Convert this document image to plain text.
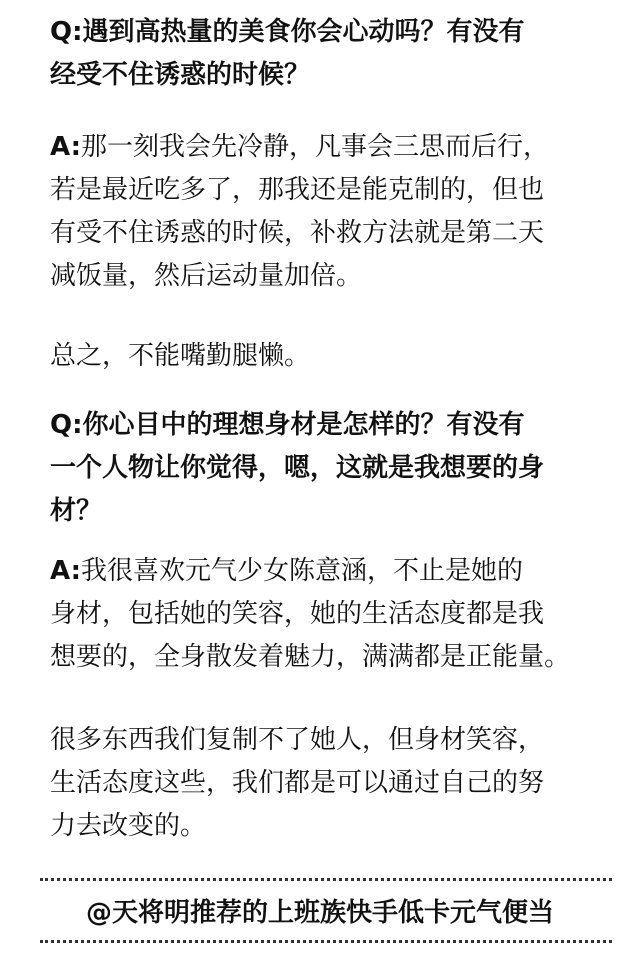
Q:遇到高热量的美食你会心动吗？有没有
经受不住诱惑的时候？
A:那一刻我会先冷静，凡事会三思而后行，
若是最近吃多了，那我还是能克制的，但也
有受不住诱惑的时候，补救方法就是第二天
减饭量，然后运动量加倍。
总之，不能嘴勤腿懒。
Q:你心目中的理想身材是怎样的？有没有
一个人物让你觉得，嗯，这就是我想要的身
材？
A:我很喜欢元气少女陈意涵，不止是她的
身材，包括她的笑容，她的生活态度都是我
想要的，全身散发着魅力，满满都是正能量。
很多东西我们复制不了她人，但身材笑容，
生活态度这些，我们都是可以通过自己的努
力去改变的。
@天将明推荐的上班族快手低卡元气便当
